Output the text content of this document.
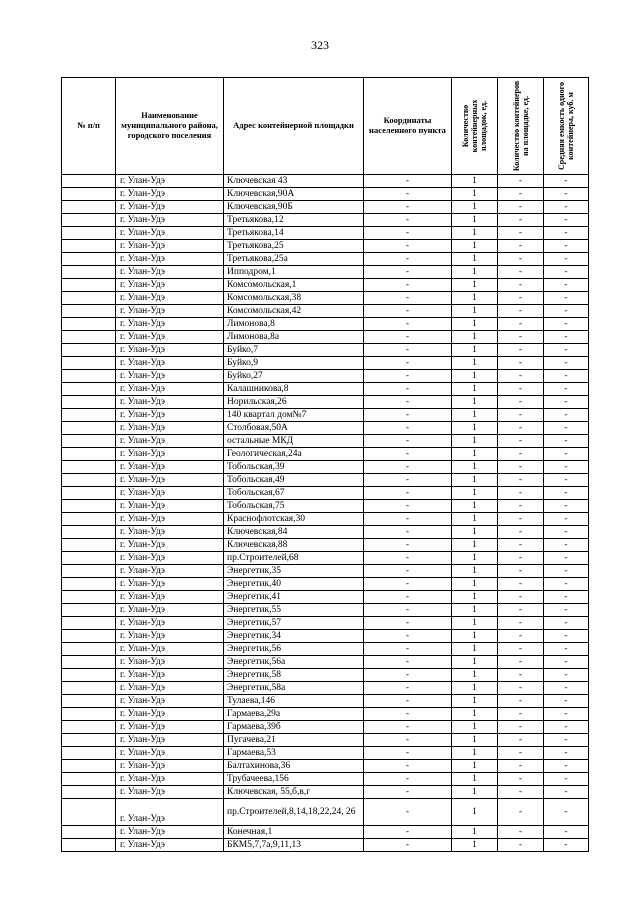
323
№ п/п	Наименование муниципального района, городского поселения	Адрес контейнерной площадки	Координаты населенного пункта	Количество контейнерных площадок, ед.	Количество контейнеров на площадке, ед.	Средняя емкость одного контейнера, куб. м

	г. Улан-Удэ	Ключевская 43	-	1	-	-
	г. Улан-Удэ	Ключевская,90А	-	1	-	-
	г. Улан-Удэ	Ключевская,90Б	-	1	-	-
	г. Улан-Удэ	Третьякова,12	-	1	-	-
	г. Улан-Удэ	Третьякова,14	-	1	-	-
	г. Улан-Удэ	Третьякова,25	-	1	-	-
	г. Улан-Удэ	Третьякова,25а	-	1	-	-
	г. Улан-Удэ	Ипподром,1	-	1	-	-
	г. Улан-Удэ	Комсомольская,1	-	1	-	-
	г. Улан-Удэ	Комсомольская,38	-	1	-	-
	г. Улан-Удэ	Комсомольская,42	-	1	-	-
	г. Улан-Удэ	Лимонова,8	-	1	-	-
	г. Улан-Удэ	Лимонова,8а	-	1	-	-
	г. Улан-Удэ	Буйко,7	-	1	-	-
	г. Улан-Удэ	Буйко,9	-	1	-	-
	г. Улан-Удэ	Буйко,27	-	1	-	-
	г. Улан-Удэ	Калашникова,8	-	1	-	-
	г. Улан-Удэ	Норильская,26	-	1	-	-
	г. Улан-Удэ	140 квартал дом№7	-	1	-	-
	г. Улан-Удэ	Столбовая,50А	-	1	-	-
	г. Улан-Удэ	остальные МКД	-	1	-	-
	г. Улан-Удэ	Геологическая,24а	-	1	-	-
	г. Улан-Удэ	Тобольская,39	-	1	-	-
	г. Улан-Удэ	Тобольская,49	-	1	-	-
	г. Улан-Удэ	Тобольская,67	-	1	-	-
	г. Улан-Удэ	Тобольская,75	-	1	-	-
	г. Улан-Удэ	Краснофлотская,30	-	1	-	-
	г. Улан-Удэ	Ключевская,84	-	1	-	-
	г. Улан-Удэ	Ключевская,88	-	1	-	-
	г. Улан-Удэ	пр.Строителей,68	-	1	-	-
	г. Улан-Удэ	Энергетик,35	-	1	-	-
	г. Улан-Удэ	Энергетик,40	-	1	-	-
	г. Улан-Удэ	Энергетик,41	-	1	-	-
	г. Улан-Удэ	Энергетик,55	-	1	-	-
	г. Улан-Удэ	Энергетик,57	-	1	-	-
	г. Улан-Удэ	Энергетик,34	-	1	-	-
	г. Улан-Удэ	Энергетик,56	-	1	-	-
	г. Улан-Удэ	Энергетик,56а	-	1	-	-
	г. Улан-Удэ	Энергетик,58	-	1	-	-
	г. Улан-Удэ	Энергетик,58а	-	1	-	-
	г. Улан-Удэ	Тулаева,146	-	1	-	-
	г. Улан-Удэ	Гармаева,29а	-	1	-	-
	г. Улан-Удэ	Гармаева,39б	-	1	-	-
	г. Улан-Удэ	Пугачева,21	-	1	-	-
	г. Улан-Удэ	Гармаева,53	-	1	-	-
	г. Улан-Удэ	Балтахинова,36	-	1	-	-
	г. Улан-Удэ	Трубачеева,156	-	1	-	-
	г. Улан-Удэ	Ключевская, 55,б,в,г	-	1	-	-
	г. Улан-Удэ	пр.Строителей,8,14,18,22,24, 26	-	1	-	-
	г. Улан-Удэ	Конечная,1	-	1	-	-
	г. Улан-Удэ	БКМ5,7,7а,9,11,13	-	1	-	-
